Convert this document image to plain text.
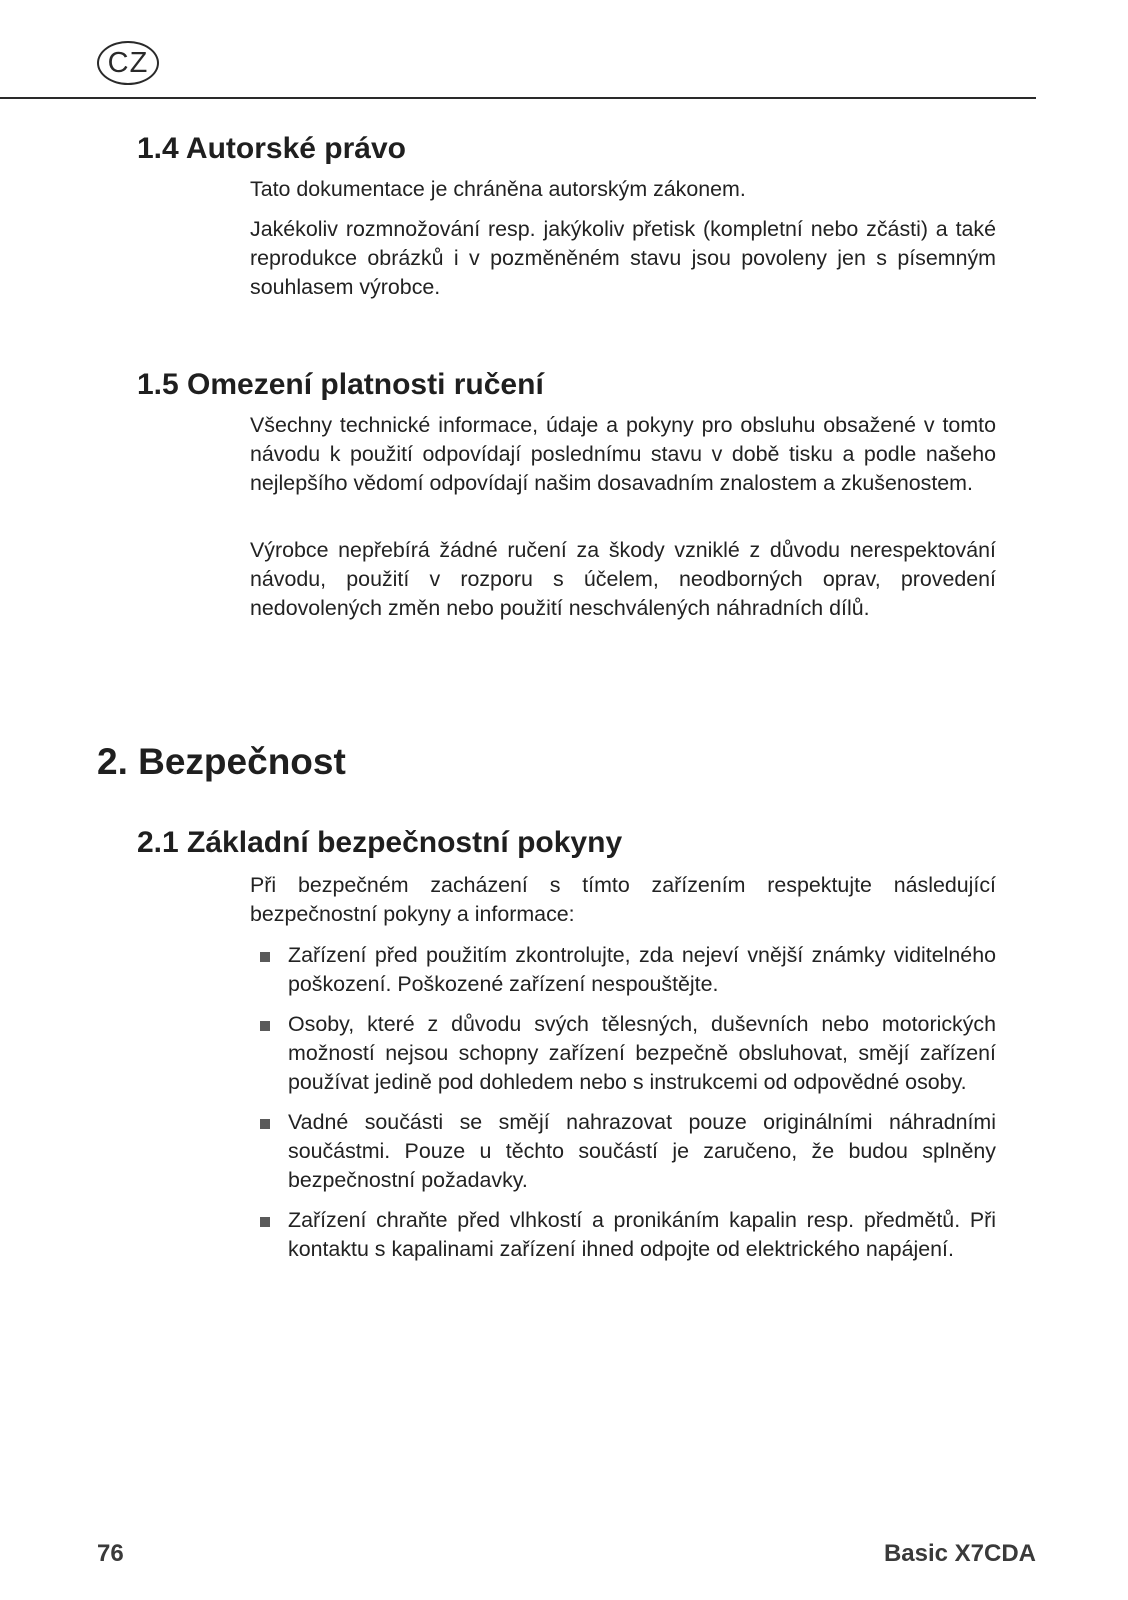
CZ
1.4 Autorské právo

Tato dokumentace je chráněna autorským zákonem.

Jakékoliv rozmnožování resp. jakýkoliv přetisk (kompletní nebo zčásti) a také reprodukce obrázků i v pozměněném stavu jsou povoleny jen s písemným souhlasem výrobce.

1.5 Omezení platnosti ručení

Všechny technické informace, údaje a pokyny pro obsluhu obsažené v tomto návodu k použití odpovídají poslednímu stavu v době tisku a podle našeho nejlepšího vědomí odpovídají našim dosavadním znalostem a zkušenostem.

Výrobce nepřebírá žádné ručení za škody vzniklé z důvodu nerespektování návodu, použití v rozporu s účelem, neodborných oprav, provedení nedovolených změn nebo použití neschválených náhradních dílů.

2. Bezpečnost
2.1 Základní bezpečnostní pokyny

Při bezpečném zacházení s tímto zařízením respektujte následující bezpečnostní pokyny a informace:

Zařízení před použitím zkontrolujte, zda nejeví vnější známky viditelného poškození. Poškozené zařízení nespouštějte.
Osoby, které z důvodu svých tělesných, duševních nebo motorických možností nejsou schopny zařízení bezpečně obsluhovat, smějí zařízení používat jedině pod dohledem nebo s instrukcemi od odpovědné osoby.
Vadné součásti se smějí nahrazovat pouze originálními náhradními součástmi. Pouze u těchto součástí je zaručeno, že budou splněny bezpečnostní požadavky.
Zařízení chraňte před vlhkostí a pronikáním kapalin resp. předmětů. Při kontaktu s kapalinami zařízení ihned odpojte od elektrického napájení.
76	Basic X7CDA
